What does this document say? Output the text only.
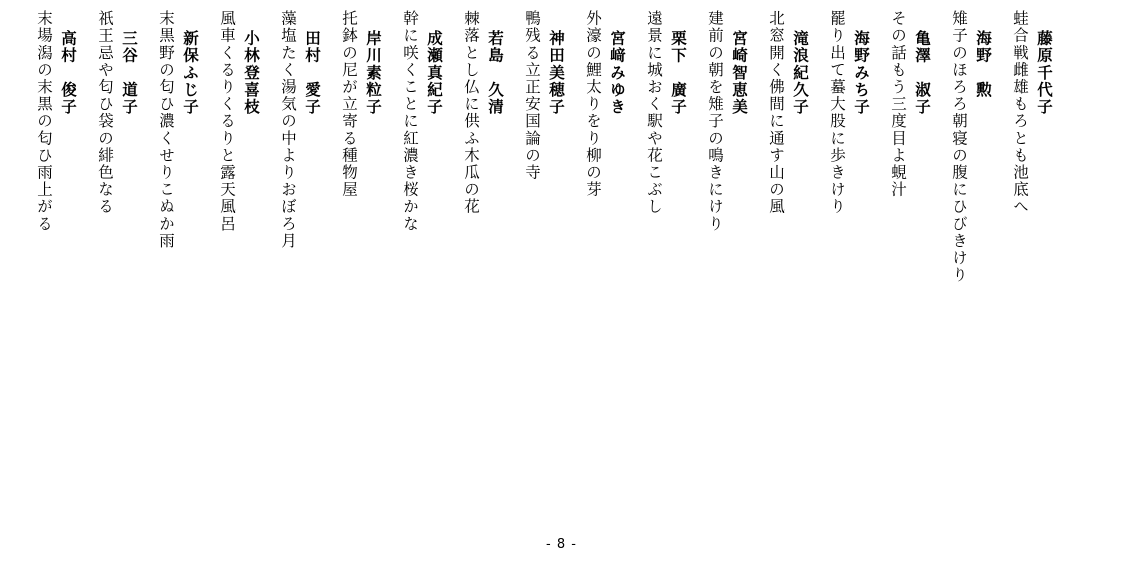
藤原千代子
蛙合戦雌雄もろとも池底へ
海野　勲
雉子のほろろ朝寝の腹にひびきけり
亀澤　淑子
その話もう三度目よ蜆汁
海野みち子
罷り出て蟇大股に歩きけり
滝浪紀久子
北窓開く佛間に通す山の風
宮崎智恵美
建前の朝を雉子の鳴きにけり
栗下　廣子
遠景に城おく駅や花こぶし
宮﨑みゆき
外濠の鯉太りをり柳の芽
神田美穂子
鴨残る立正安国論の寺
若島　久清
棘落とし仏に供ふ木瓜の花
成瀬真紀子
幹に咲くことに紅濃き桜かな
岸川素粒子
托鉢の尼が立寄る種物屋
田村　愛子
藻塩たく湯気の中よりおぼろ月
小林登喜枝
風車くるりくるりと露天風呂
新保ふじ子
末黒野の匂ひ濃くせりこぬか雨
三谷　道子
祇王忌や匂ひ袋の緋色なる
高村　俊子
末場潟の末黒の匂ひ雨上がる
- 8 -
